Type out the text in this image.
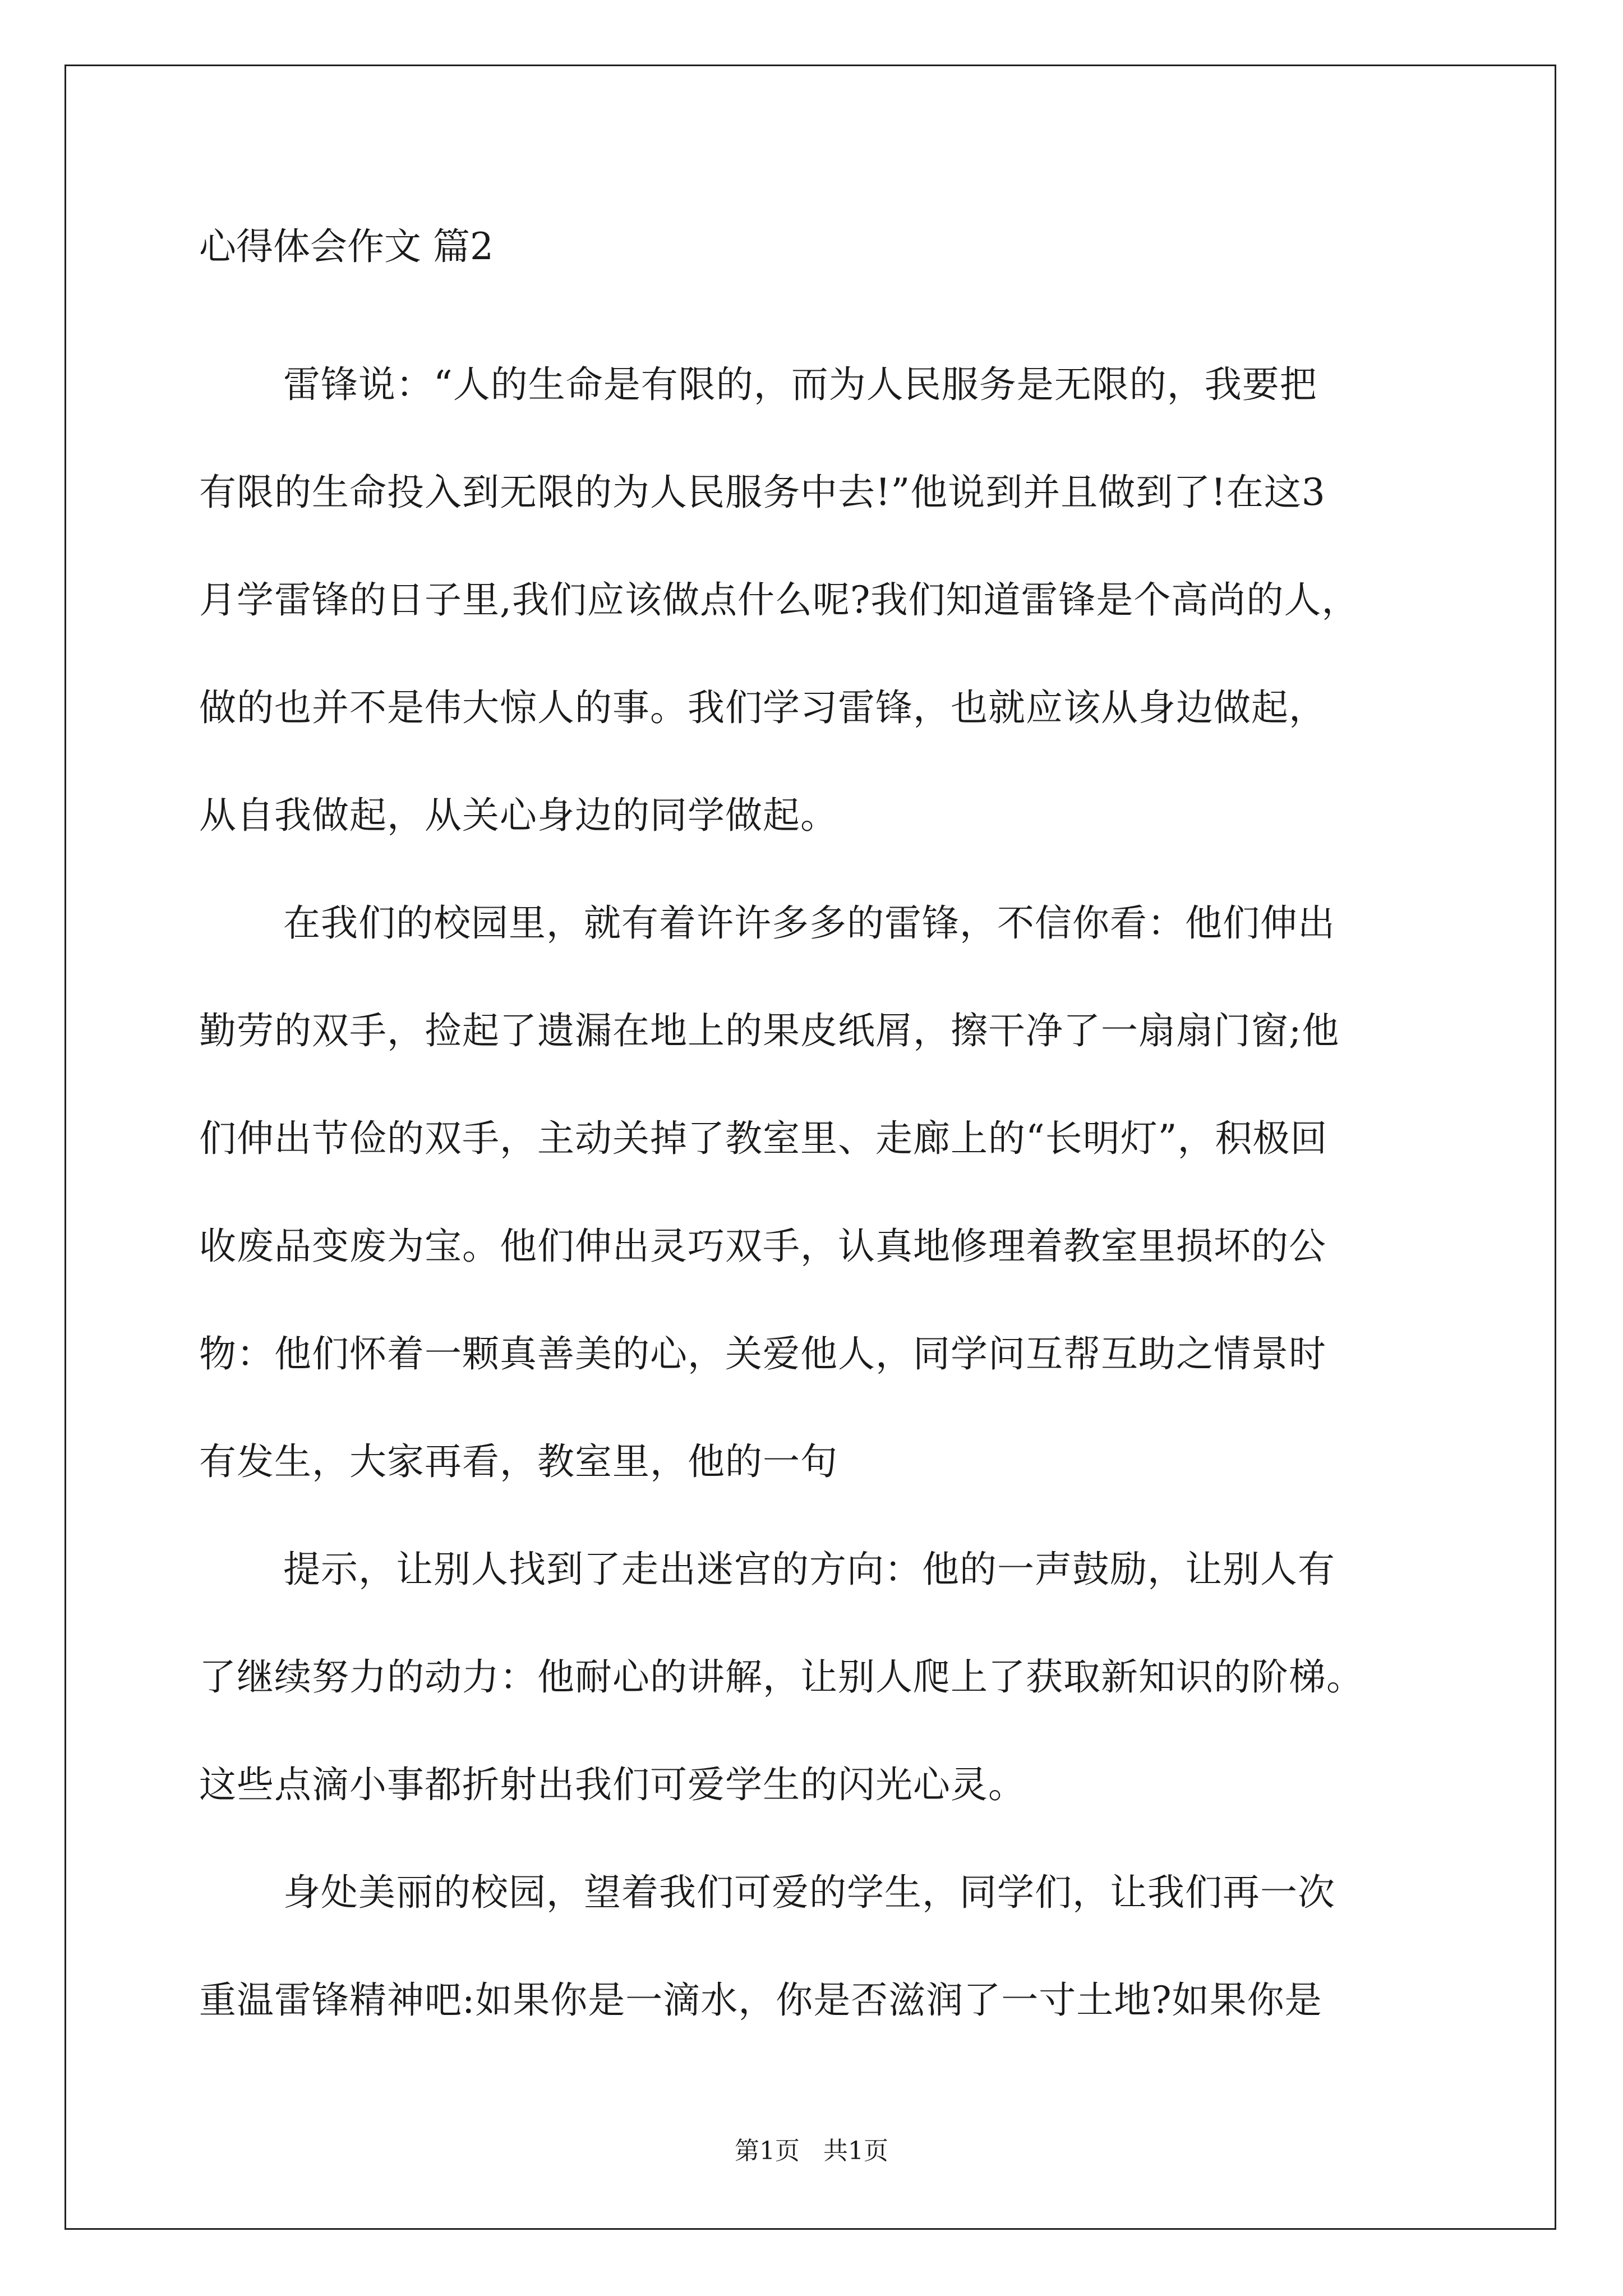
心得体会作文 篇2
雷锋说：“人的生命是有限的，而为人民服务是无限的，我要把
有限的生命投入到无限的为人民服务中去!”他说到并且做到了!在这3
月学雷锋的日子里,我们应该做点什么呢?我们知道雷锋是个高尚的人，
做的也并不是伟大惊人的事。我们学习雷锋，也就应该从身边做起，
从自我做起，从关心身边的同学做起。
在我们的校园里，就有着许许多多的雷锋，不信你看：他们伸出
勤劳的双手，捡起了遗漏在地上的果皮纸屑，擦干净了一扇扇门窗;他
们伸出节俭的双手，主动关掉了教室里、走廊上的“长明灯”，积极回
收废品变废为宝。他们伸出灵巧双手，认真地修理着教室里损坏的公
物：他们怀着一颗真善美的心，关爱他人，同学问互帮互助之情景时
有发生，大家再看，教室里，他的一句
提示，让别人找到了走出迷宫的方向：他的一声鼓励，让别人有
了继续努力的动力：他耐心的讲解，让别人爬上了获取新知识的阶梯。
这些点滴小事都折射出我们可爱学生的闪光心灵。
身处美丽的校园，望着我们可爱的学生，同学们，让我们再一次
重温雷锋精神吧:如果你是一滴水，你是否滋润了一寸土地?如果你是
第1页   共1页
